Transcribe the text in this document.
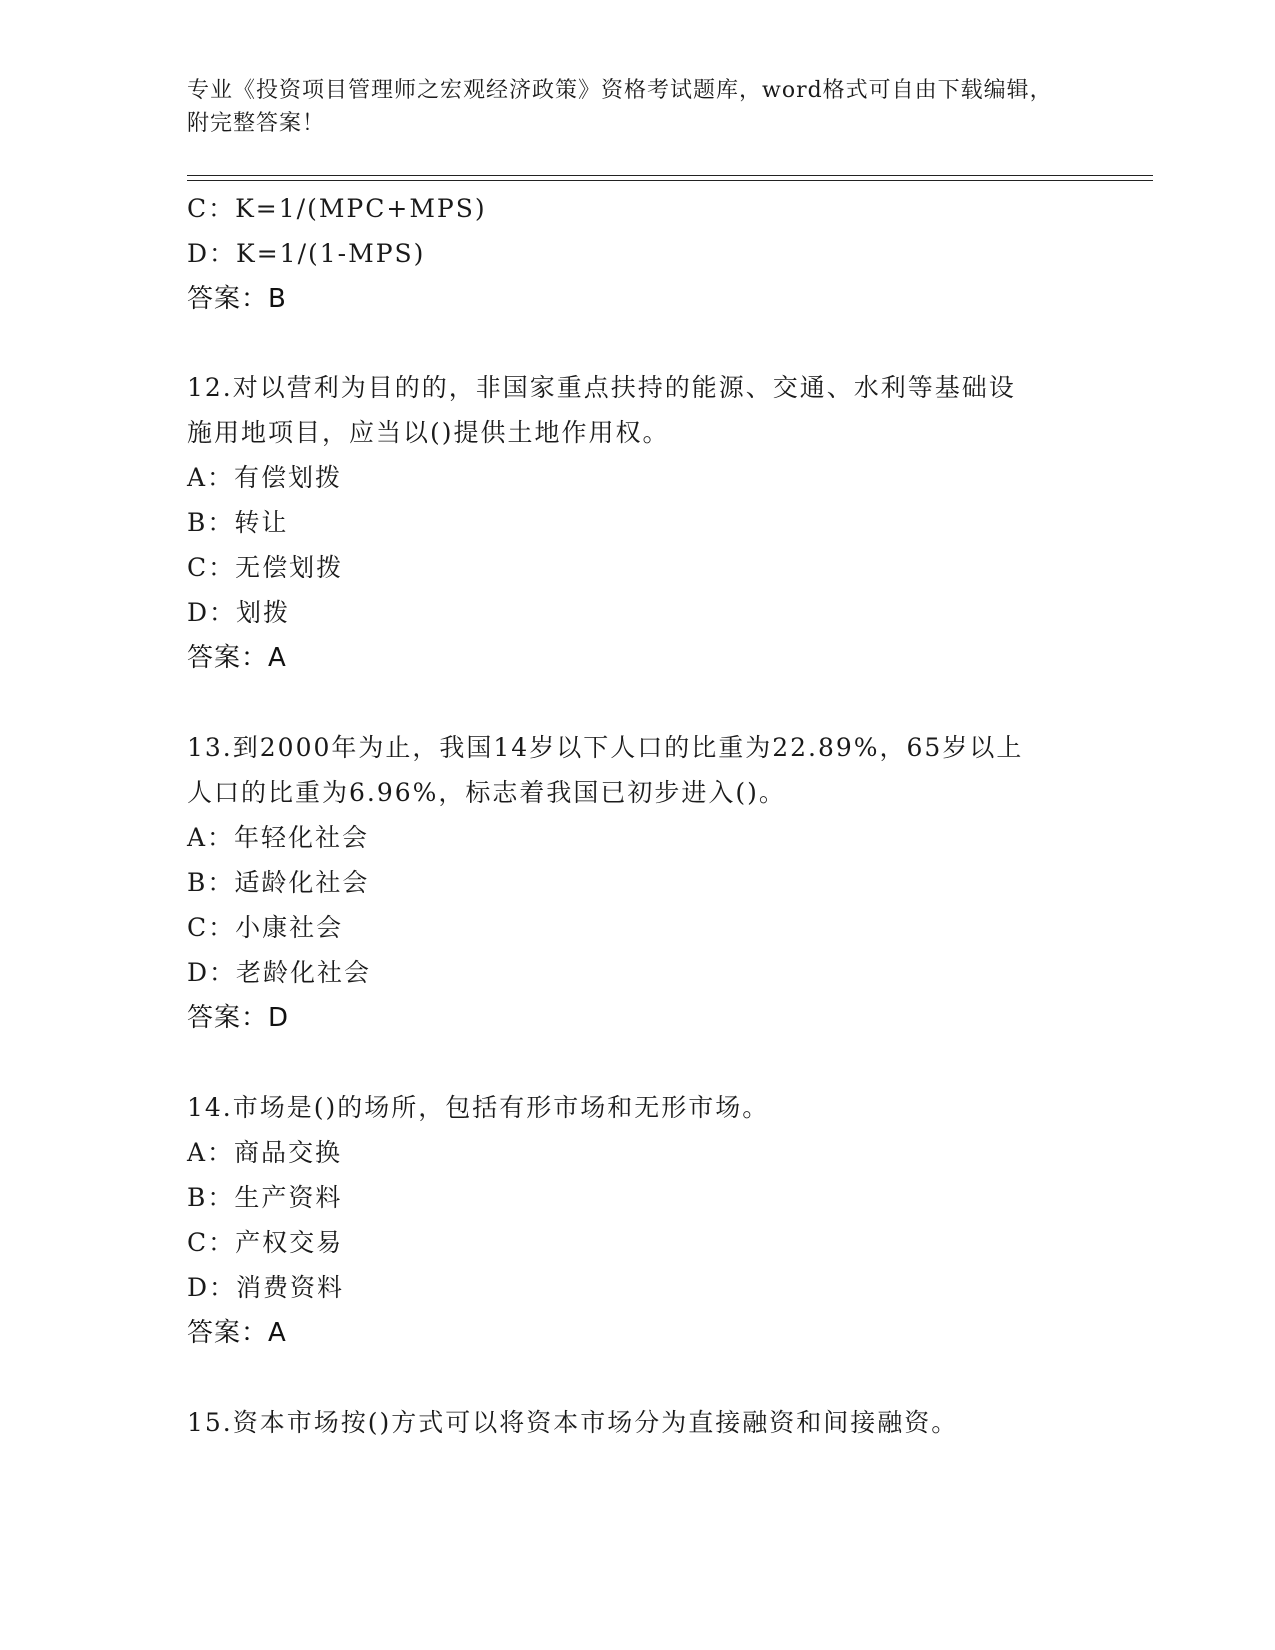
专业《投资项目管理师之宏观经济政策》资格考试题库，word格式可自由下载编辑，附完整答案！
C：K=1/(MPC+MPS)
D：K=1/(1-MPS)
答案：B
12.对以营利为目的的，非国家重点扶持的能源、交通、水利等基础设
施用地项目，应当以()提供土地作用权。
A：有偿划拨
B：转让
C：无偿划拨
D：划拨
答案：A
13.到2000年为止，我国14岁以下人口的比重为22.89%，65岁以上
人口的比重为6.96%，标志着我国已初步进入()。
A：年轻化社会
B：适龄化社会
C：小康社会
D：老龄化社会
答案：D
14.市场是()的场所，包括有形市场和无形市场。
A：商品交换
B：生产资料
C：产权交易
D：消费资料
答案：A
15.资本市场按()方式可以将资本市场分为直接融资和间接融资。
